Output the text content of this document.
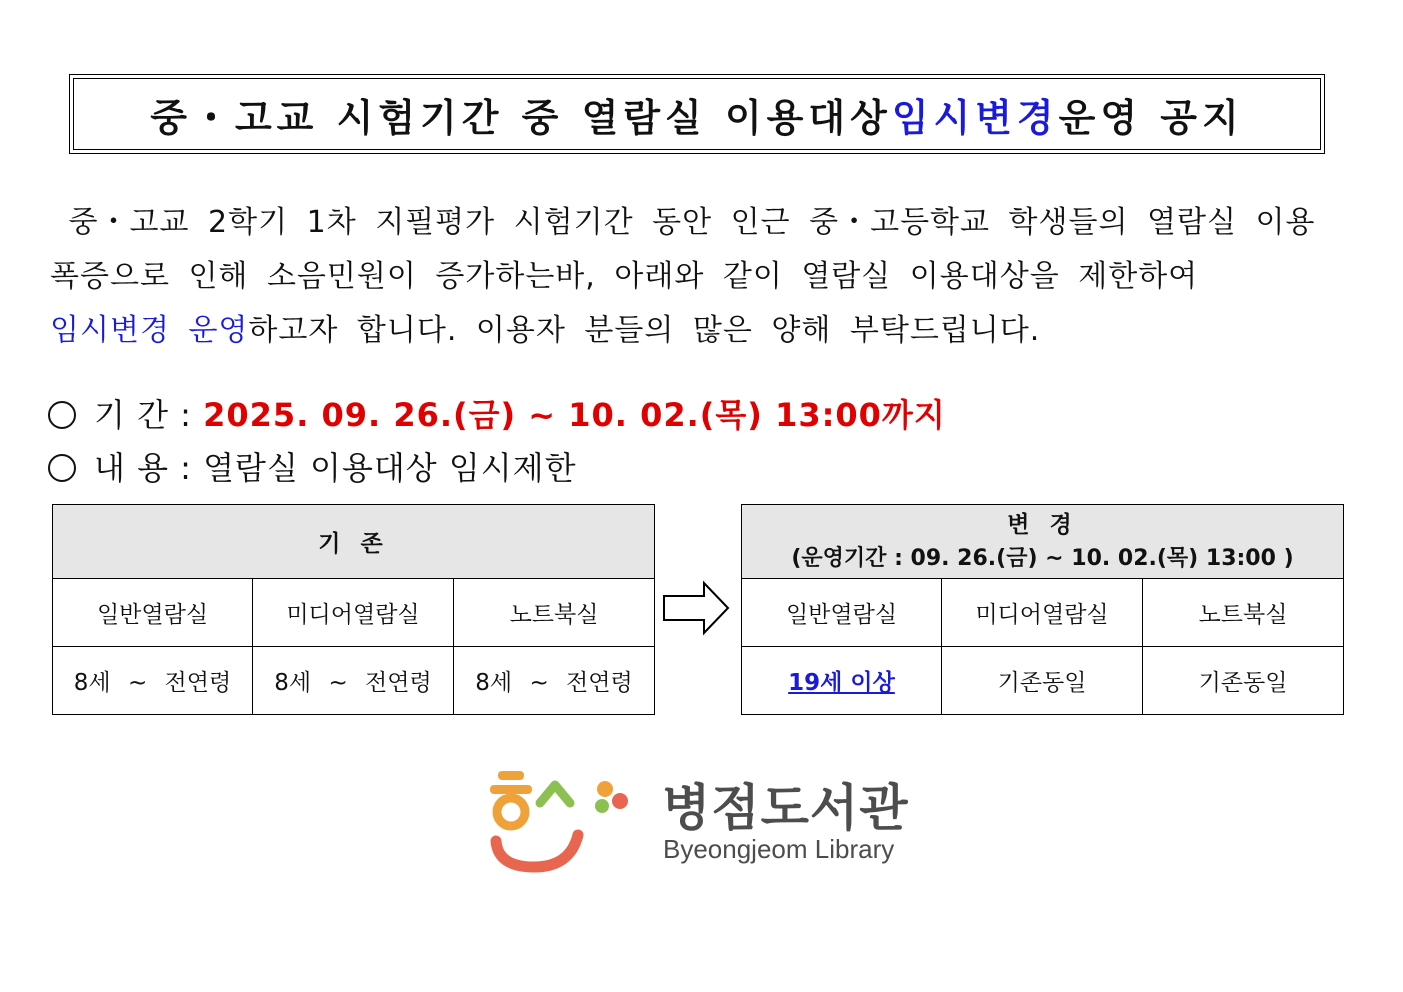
중・고교 시험기간 중 열람실 이용대상 임시변경 운영 공지
중・고교 2학기 1차 지필평가 시험기간 동안 인근 중・고등학교 학생들의 열람실 이용
폭증으로 인해 소음민원이 증가하는바, 아래와 같이 열람실 이용대상을 제한하여
임시변경 운영하고자 합니다. 이용자 분들의 많은 양해 부탁드립니다.
기 간 : 2025. 09. 26.(금) ~ 10. 02.(목) 13:00까지
내 용 : 열람실 이용대상 임시제한
기 존		
일반열람실	미디어열람실	노트북실
8세 ~ 전연령	8세 ~ 전연령	8세 ~ 전연령
변 경
(운영기간 : 09. 26.(금) ~ 10. 02.(목) 13:00 )		

일반열람실	미디어열람실	노트북실
19세 이상	기존동일	기존동일
병점도서관
Byeongjeom Library
